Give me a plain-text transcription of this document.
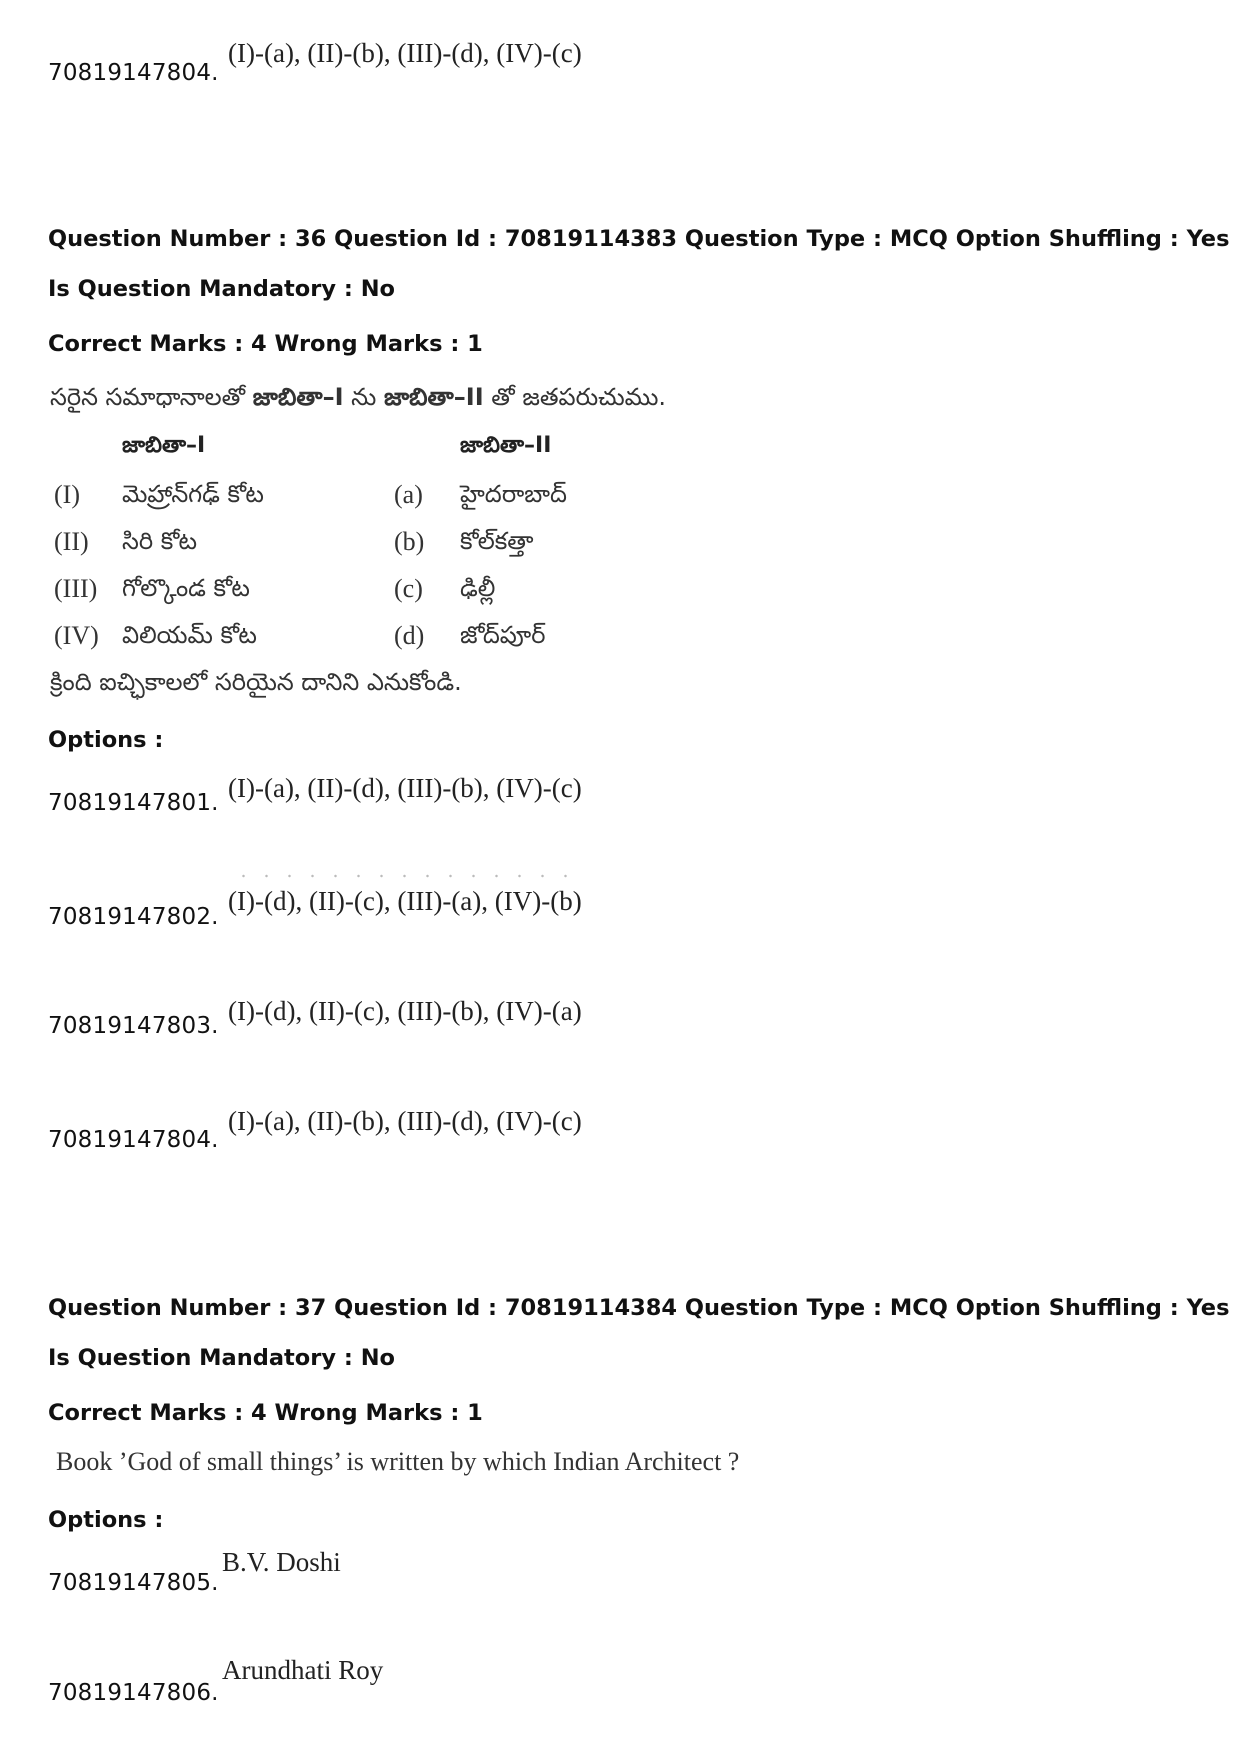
70819147804.
(I)-(a), (II)-(b), (III)-(d), (IV)-(c)
Question Number : 36 Question Id : 70819114383 Question Type : MCQ Option Shuffling : Yes
Is Question Mandatory : No
Correct Marks : 4 Wrong Marks : 1
సరైన సమాధానాలతో జాబితా–I ను జాబితా–II తో జతపరుచుము.
జాబితా–I	జాబితా–II
(I) మెహ్రాన్‌గఢ్ కోట	(a) హైదరాబాద్
(II) సిరి కోట	(b) కోల్‌కత్తా
(III) గోల్కొండ కోట	(c) ఢిల్లీ
(IV) విలియమ్ కోట	(d) జోద్‌పూర్
క్రింది ఐచ్ఛికాలలో సరియైన దానిని ఎనుకోండి.
Options :
70819147801. (I)-(a), (II)-(d), (III)-(b), (IV)-(c)
70819147802.
(I)-(d), (II)-(c), (III)-(a), (IV)-(b)
70819147803. (I)-(d), (II)-(c), (III)-(b), (IV)-(a)
70819147804.
(I)-(a), (II)-(b), (III)-(d), (IV)-(c)
Question Number : 37 Question Id : 70819114384 Question Type : MCQ Option Shuffling : Yes
Is Question Mandatory : No
Correct Marks : 4 Wrong Marks : 1
Book ’God of small things’ is written by which Indian Architect ?
Options :
70819147805.
B.V. Doshi
70819147806.
Arundhati Roy
